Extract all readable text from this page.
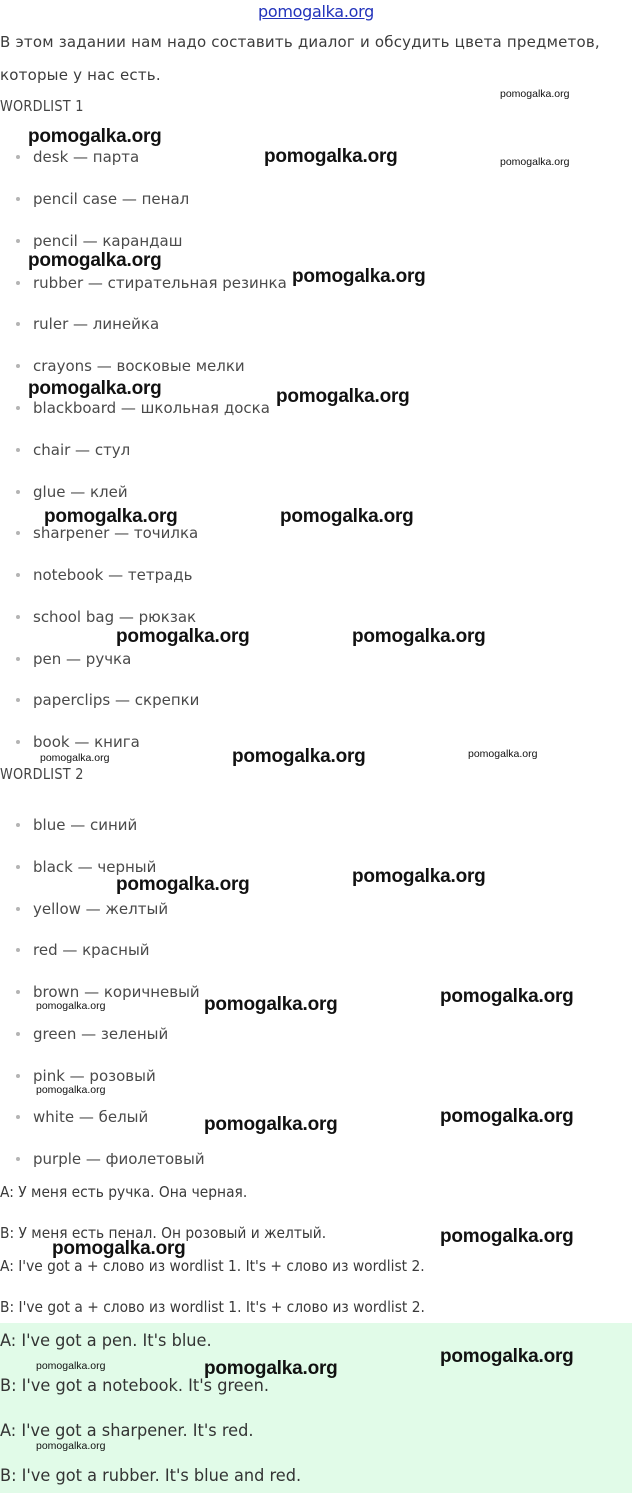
pomogalka.org
В этом задании нам надо составить диалог и обсудить цвета предметов,
которые у нас есть.
WORDLIST 1
desk — парта
pencil case — пенал
pencil — карандаш
rubber — стирательная резинка
ruler — линейка
crayons — восковые мелки
blackboard — школьная доска
chair — стул
glue — клей
sharpener — точилка
notebook — тетрадь
school bag — рюкзак
pen — ручка
paperclips — скрепки
book — книга
WORDLIST 2
blue — синий
black — черный
yellow — желтый
red — красный
brown — коричневый
green — зеленый
pink — розовый
white — белый
purple — фиолетовый
A: У меня есть ручка. Она черная.
B: У меня есть пенал. Он розовый и желтый.
A: I've got a + слово из wordlist 1. It's + слово из wordlist 2.
B: I've got a + слово из wordlist 1. It's + слово из wordlist 2.
A: I've got a pen. It's blue.
B: I've got a notebook. It's green.
A: I've got a sharpener. It's red.
B: I've got a rubber. It's blue and red.
pomogalka.org
pomogalka.org
pomogalka.org	pomogalka.org
pomogalka.org
pomogalka.org
pomogalka.org	pomogalka.org
pomogalka.org	pomogalka.org
pomogalka.org	pomogalka.org
pomogalka.org	pomogalka.org	pomogalka.org
pomogalka.org
pomogalka.org
pomogalka.org
pomogalka.org	pomogalka.org
pomogalka.org
pomogalka.org
pomogalka.org
pomogalka.org
pomogalka.org
pomogalka.org
pomogalka.org	pomogalka.org
pomogalka.org
